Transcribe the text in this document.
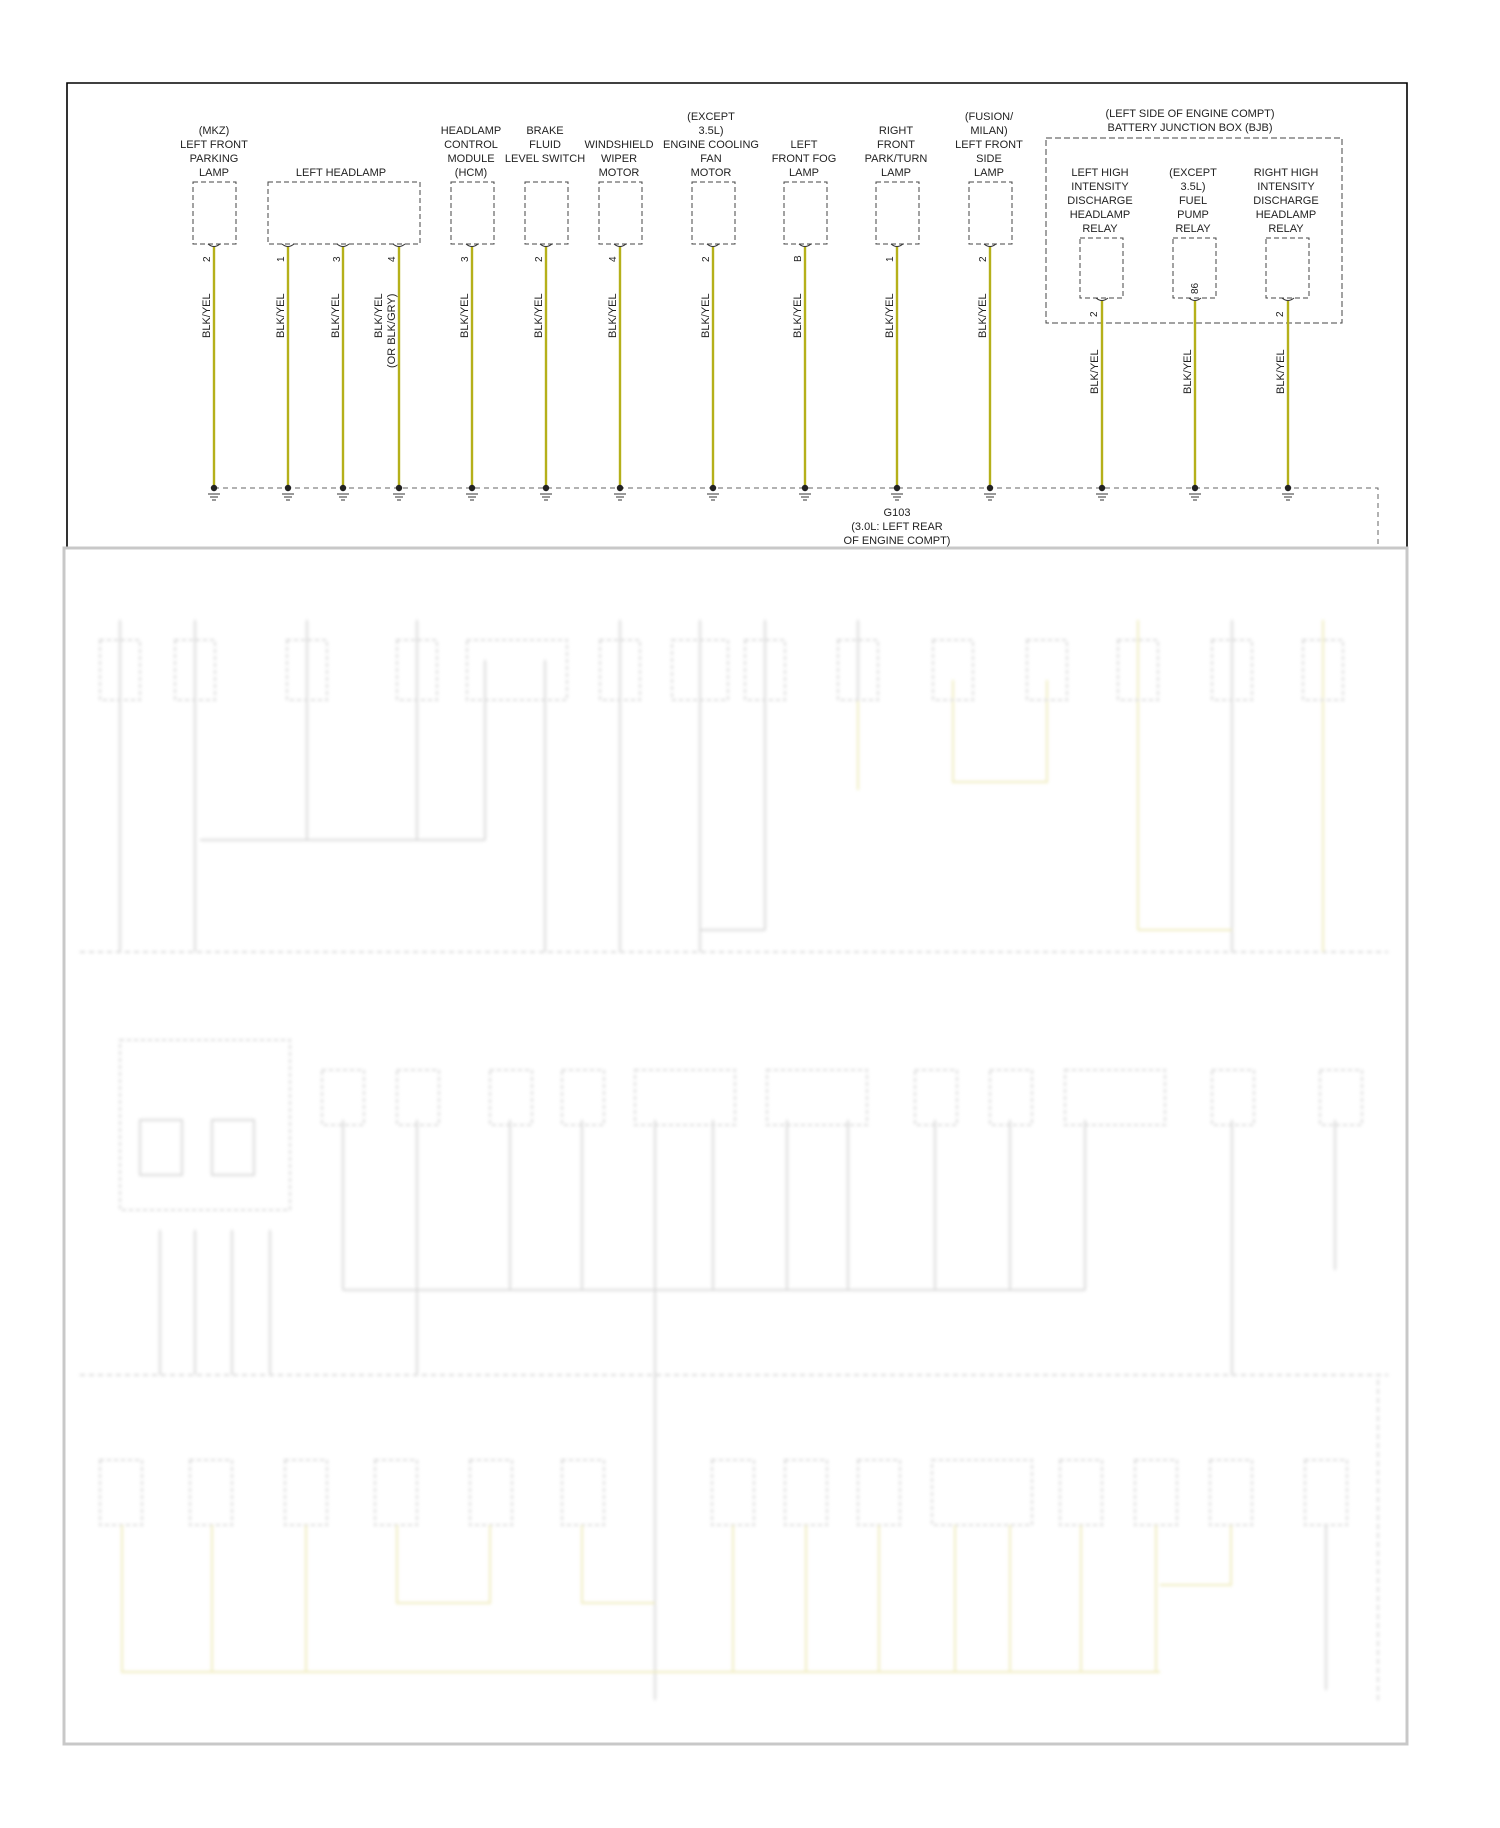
(MKZ) LEFT FRONT PARKING LAMP
2
BLK/YEL
LEFT HEADLAMP
1	3	4
BLK/YEL	BLK/YEL	BLK/YEL (OR BLK/GRY)
HEADLAMP CONTROL MODULE (HCM)
3
BLK/YEL
BRAKE FLUID LEVEL SWITCH
2
BLK/YEL
WINDSHIELD WIPER MOTOR
4
BLK/YEL
(EXCEPT 3.5L) ENGINE COOLING FAN MOTOR
2
BLK/YEL
LEFT FRONT FOG LAMP
B
BLK/YEL
RIGHT FRONT PARK/TURN LAMP
1
BLK/YEL
(FUSION/ MILAN) LEFT FRONT SIDE LAMP
2
BLK/YEL
(LEFT SIDE OF ENGINE COMPT) BATTERY JUNCTION BOX (BJB)
LEFT HIGH INTENSITY DISCHARGE HEADLAMP RELAY
2
BLK/YEL
(EXCEPT 3.5L) FUEL PUMP RELAY
86
BLK/YEL
RIGHT HIGH INTENSITY DISCHARGE HEADLAMP RELAY
2
BLK/YEL
G103 (3.0L: LEFT REAR OF ENGINE COMPT)
